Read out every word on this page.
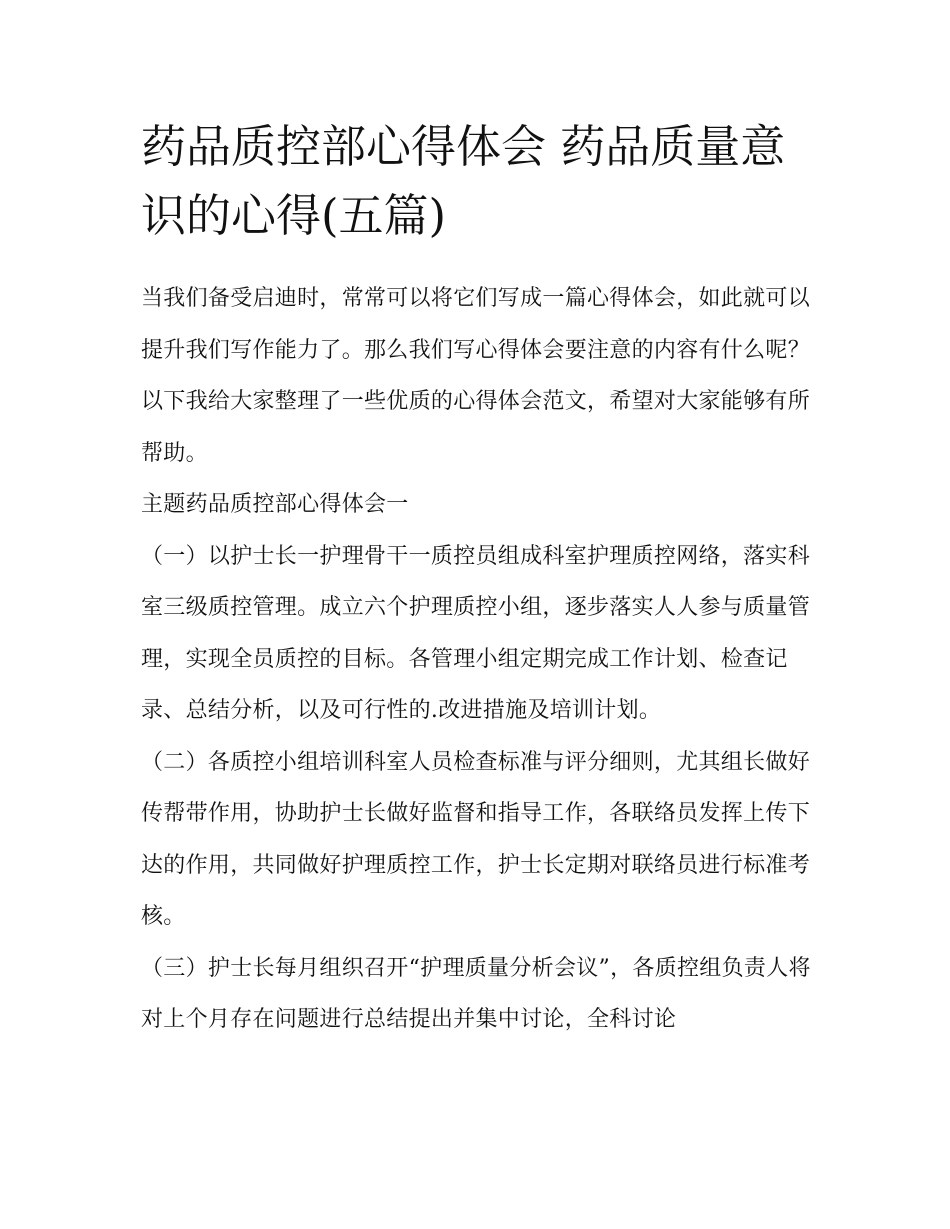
药品质控部心得体会 药品质量意识的心得(五篇)

当我们备受启迪时，常常可以将它们写成一篇心得体会，如此就可以提升我们写作能力了。那么我们写心得体会要注意的内容有什么呢？以下我给大家整理了一些优质的心得体会范文，希望对大家能够有所帮助。

主题药品质控部心得体会一

（一）以护士长一护理骨干一质控员组成科室护理质控网络，落实科室三级质控管理。成立六个护理质控小组，逐步落实人人参与质量管理，实现全员质控的目标。各管理小组定期完成工作计划、检查记录、总结分析，以及可行性的.改进措施及培训计划。

（二）各质控小组培训科室人员检查标准与评分细则，尤其组长做好传帮带作用，协助护士长做好监督和指导工作，各联络员发挥上传下达的作用，共同做好护理质控工作，护士长定期对联络员进行标准考核。

（三）护士长每月组织召开“护理质量分析会议”，各质控组负责人将对上个月存在问题进行总结提出并集中讨论，全科讨论
